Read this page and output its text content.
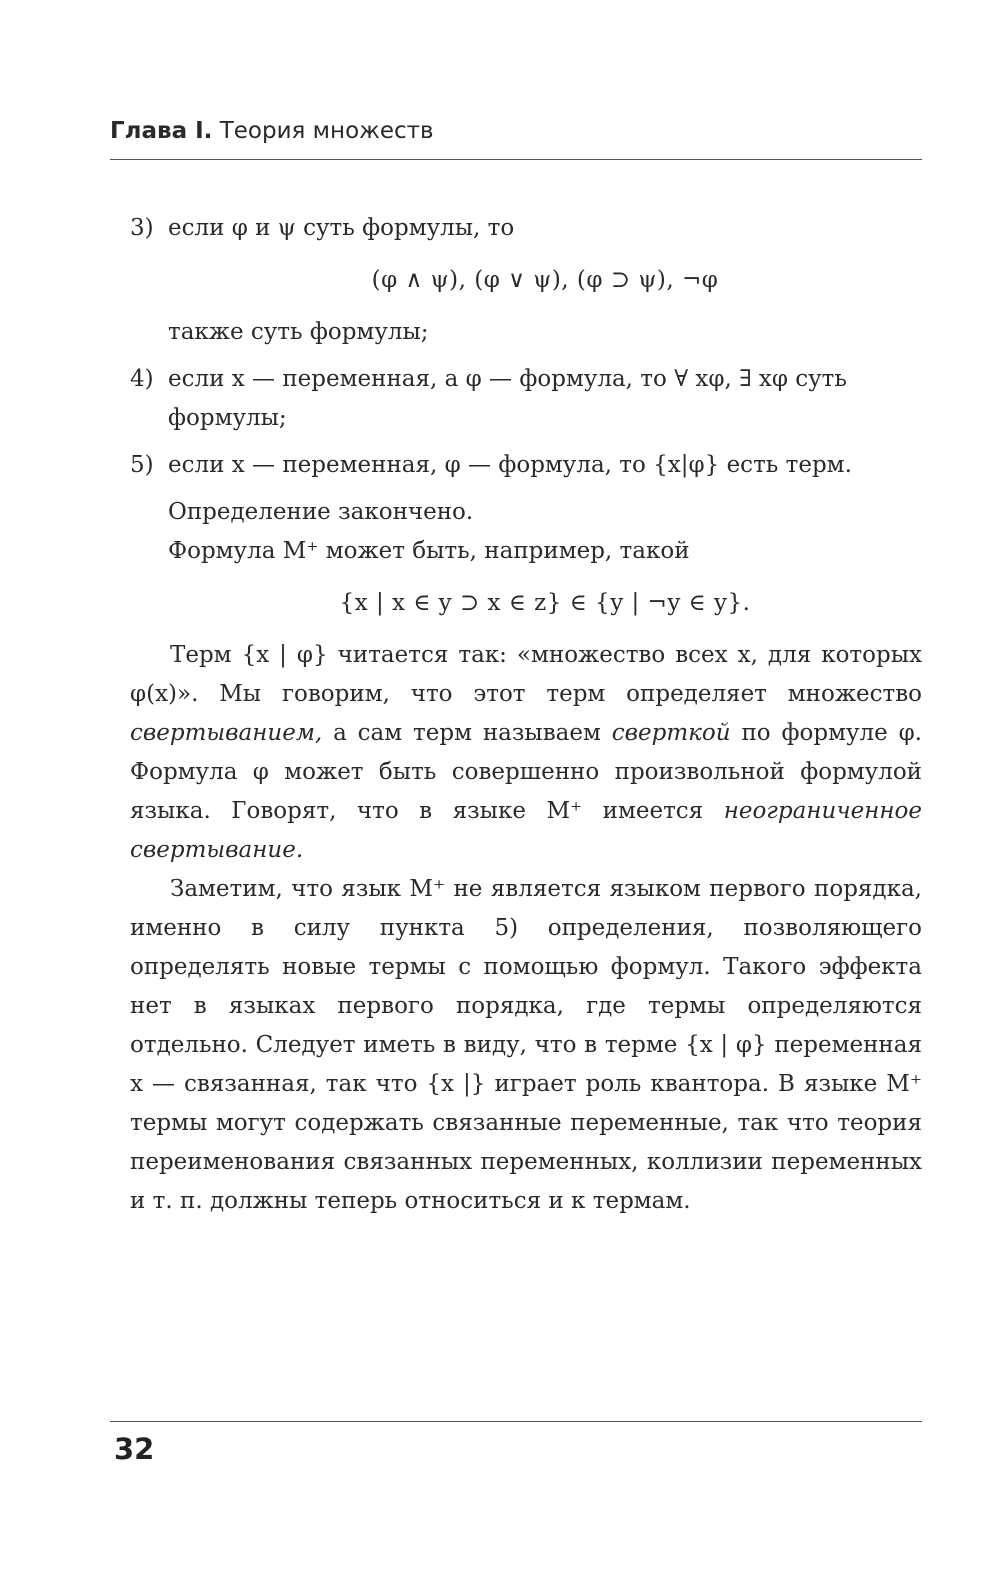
Глава I. Теория множеств
3) если φ и ψ суть формулы, то
(φ ∧ ψ), (φ ∨ ψ), (φ ⊃ ψ), ¬φ
также суть формулы;
4) если x — переменная, а φ — формула, то ∀ xφ, ∃ xφ суть формулы;
5) если x — переменная, φ — формула, то {x|φ} есть терм.
Определение закончено.
Формула M⁺ может быть, например, такой
{x | x ∈ y ⊃ x ∈ z} ∈ {y | ¬y ∈ y}.
Терм {x | φ} читается так: «множество всех x, для которых φ(x)». Мы говорим, что этот терм определяет множество свертыванием, а сам терм называем сверткой по формуле φ. Формула φ может быть совершенно произвольной формулой языка. Говорят, что в языке M⁺ имеется неограниченное свертывание.
Заметим, что язык M⁺ не является языком первого порядка, именно в силу пункта 5) определения, позволяющего определять новые термы с помощью формул. Такого эффекта нет в языках первого порядка, где термы определяются отдельно. Следует иметь в виду, что в терме {x | φ} переменная x — связанная, так что {x |} играет роль квантора. В языке M⁺ термы могут содержать связанные переменные, так что теория переименования связанных переменных, коллизии переменных и т. п. должны теперь относиться и к термам.
32
